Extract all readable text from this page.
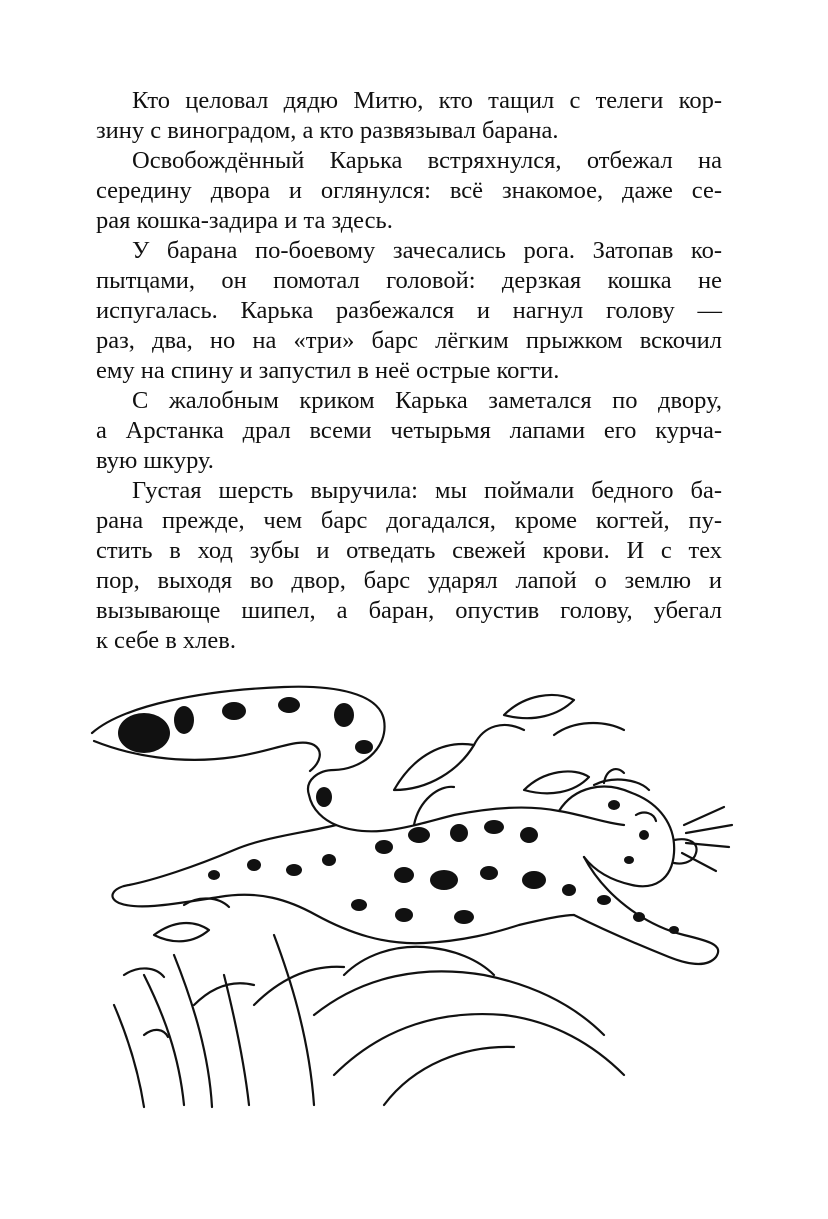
Кто целовал дядю Митю, кто тащил с телеги кор-
зину с виноградом, а кто развязывал барана.
Освобождённый Карька встряхнулся, отбежал на
середину двора и оглянулся: всё знакомое, даже се-
рая кошка-задира и та здесь.
У барана по-боевому зачесались рога. Затопав ко-
пытцами, он помотал головой: дерзкая кошка не
испугалась. Карька разбежался и нагнул голову —
раз, два, но на «три» барс лёгким прыжком вскочил
ему на спину и запустил в неё острые когти.
С жалобным криком Карька заметался по двору,
а Арстанка драл всеми четырьмя лапами его курча-
вую шкуру.
Густая шерсть выручила: мы поймали бедного ба-
рана прежде, чем барс догадался, кроме когтей, пу-
стить в ход зубы и отведать свежей крови. И с тех
пор, выходя во двор, барс ударял лапой о землю и
вызывающе шипел, а баран, опустив голову, убегал
к себе в хлев.
